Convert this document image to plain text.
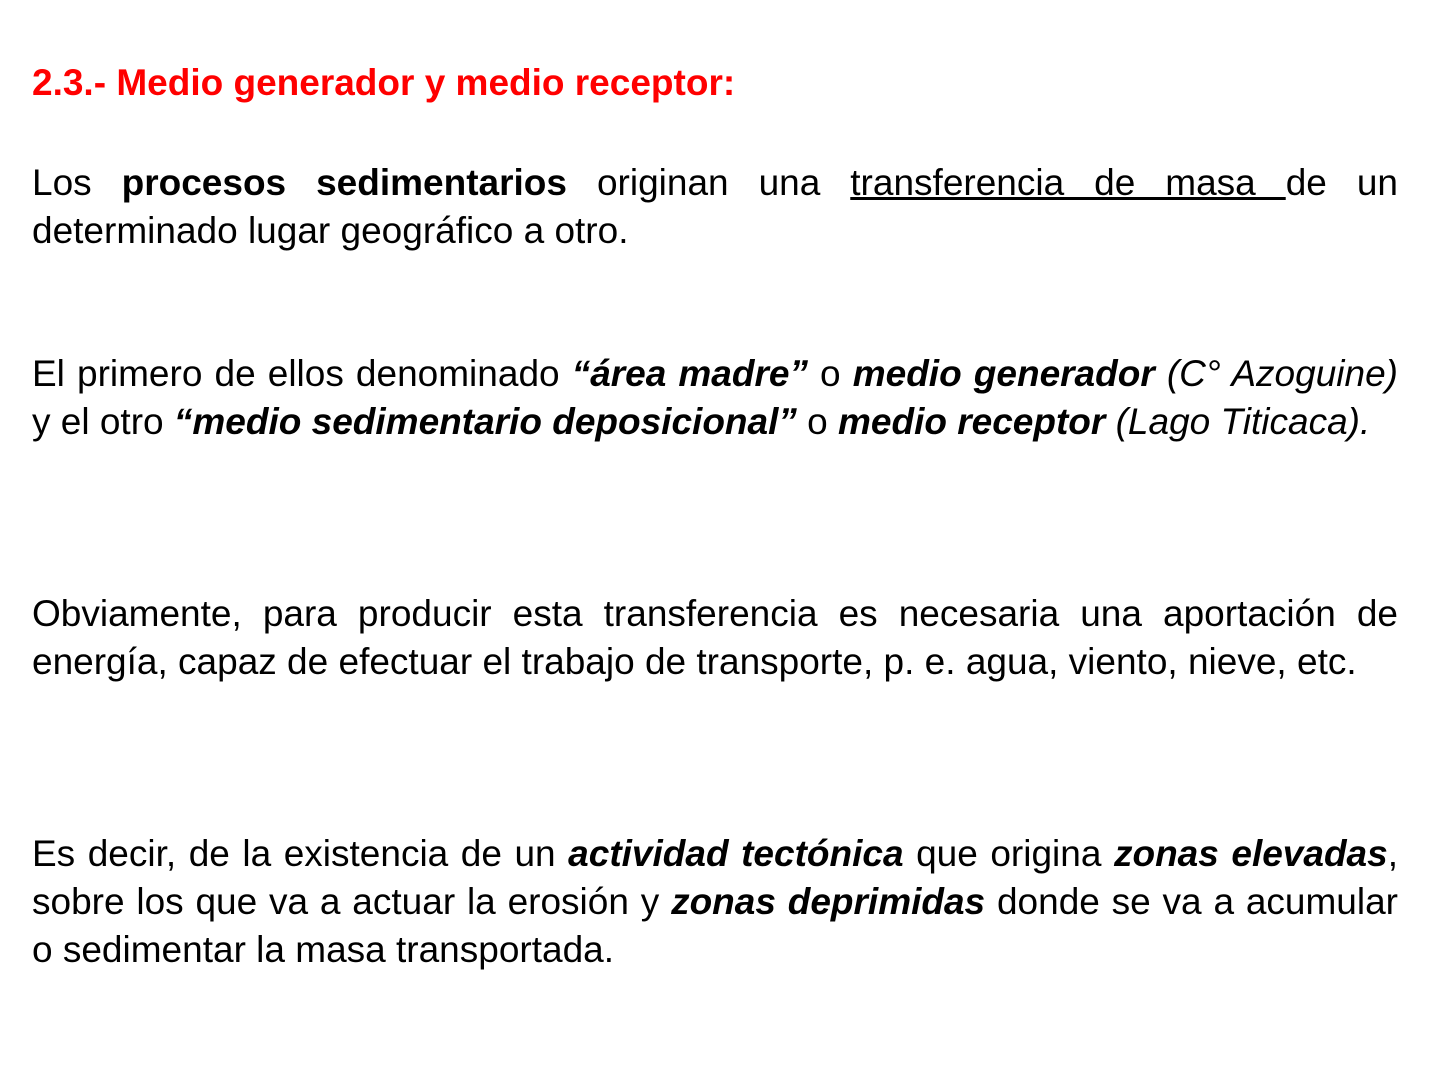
2.3.- Medio generador y medio receptor:
Los procesos sedimentarios originan una transferencia de masa de un determinado lugar geográfico a otro.
El primero de ellos denominado “área madre” o medio generador (C° Azoguine) y el otro “medio sedimentario deposicional” o medio receptor (Lago Titicaca).
Obviamente, para producir esta transferencia es necesaria una aportación de energía, capaz de efectuar el trabajo de transporte, p. e. agua, viento, nieve, etc.
Es decir, de la existencia de un actividad tectónica que origina zonas elevadas, sobre los que va a actuar la erosión y zonas deprimidas donde se va a acumular o sedimentar la masa transportada.
